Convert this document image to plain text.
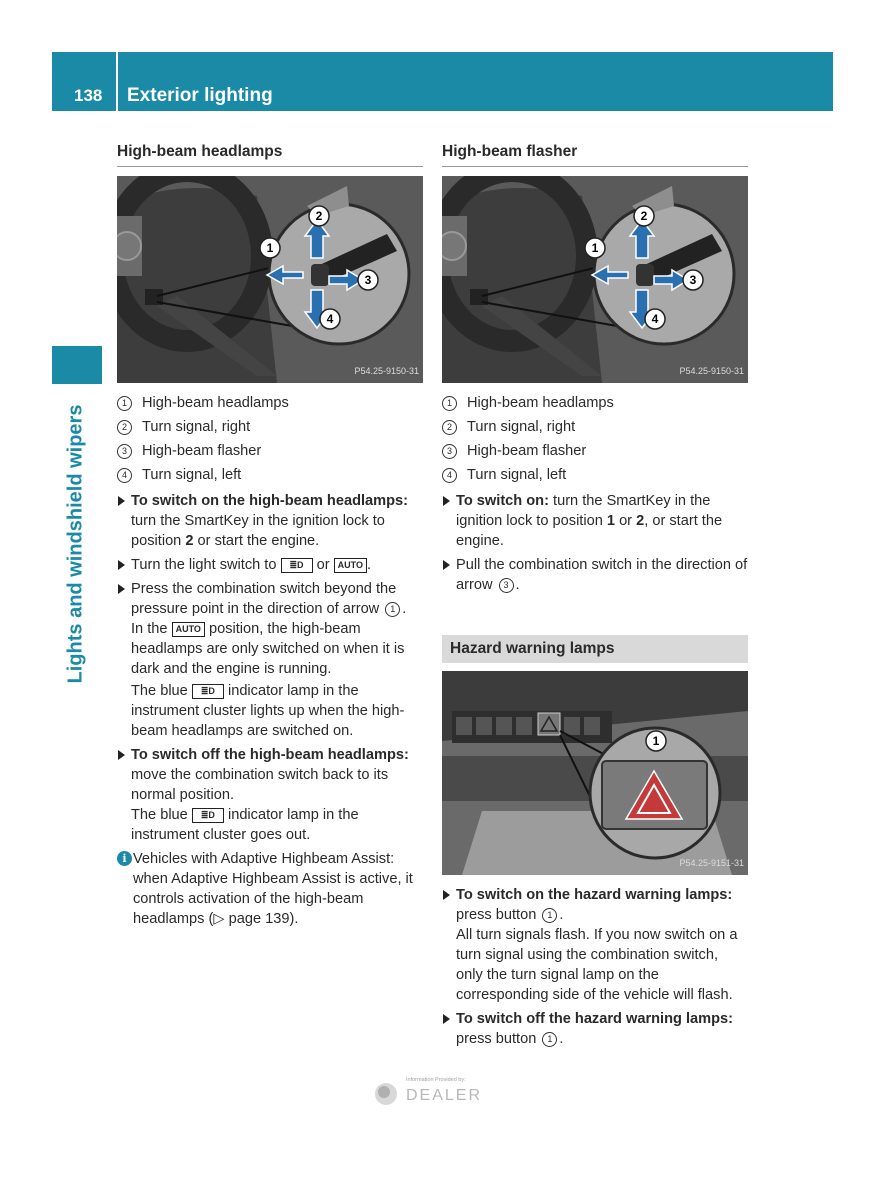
138 Exterior lighting
Lights and windshield wipers
High-beam headlamps
1
2
3
4
P54.25-9150-31
1	High-beam headlamps
2	Turn signal, right
3	High-beam flasher
4	Turn signal, left

To switch on the high-beam headlamps: turn the SmartKey in the ignition lock to position 2 or start the engine.

Turn the light switch to ≣D or AUTO .

Press the combination switch beyond the pressure point in the direction of arrow 1 .

In the AUTO position, the high-beam headlamps are only switched on when it is dark and the engine is running.

The blue ≣D indicator lamp in the instrument cluster lights up when the high-beam headlamps are switched on.

To switch off the high-beam headlamps: move the combination switch back to its normal position.

The blue ≣D indicator lamp in the instrument cluster goes out.

i Vehicles with Adaptive Highbeam Assist: when Adaptive Highbeam Assist is active, it controls activation of the high-beam headlamps (▷ page 139).

High-beam flasher
1
2
3
4
P54.25-9150-31
1	High-beam headlamps
2	Turn signal, right
3	High-beam flasher
4	Turn signal, left

To switch on: turn the SmartKey in the ignition lock to position 1 or 2, or start the engine.

Pull the combination switch in the direction of arrow 3 .

Hazard warning lamps
1
P54.25-9151-31

To switch on the hazard warning lamps: press button 1 .

All turn signals flash. If you now switch on a turn signal using the combination switch, only the turn signal lamp on the corresponding side of the vehicle will flash.

To switch off the hazard warning lamps: press button 1 .

Information Provided by:
DEALER
